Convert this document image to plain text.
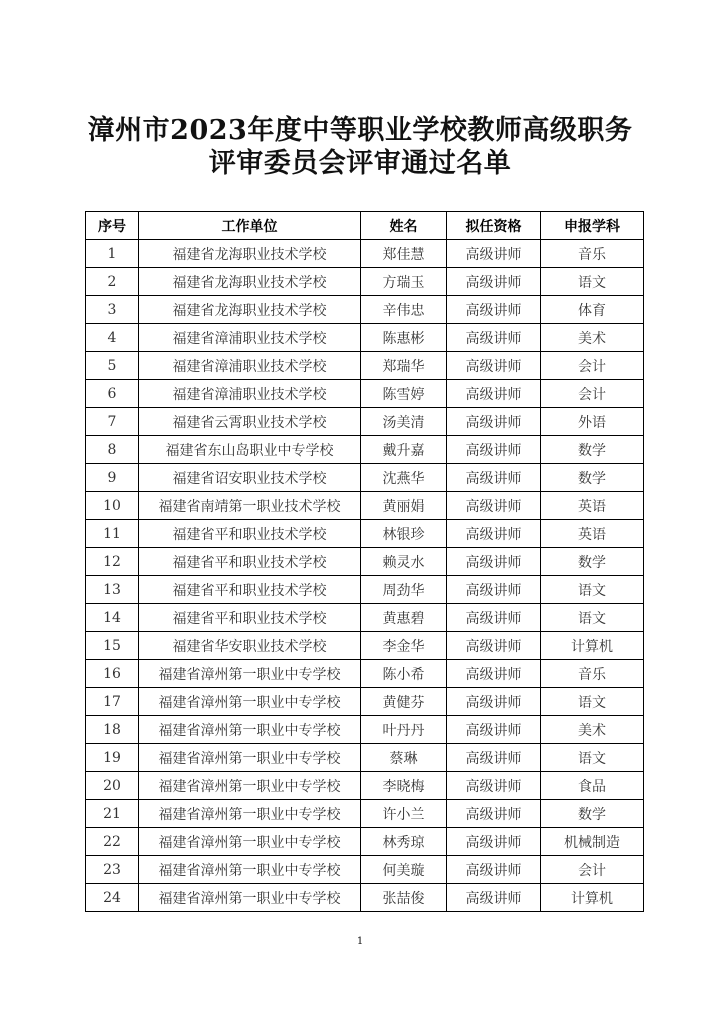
漳州市2023年度中等职业学校教师高级职务
评审委员会评审通过名单
序号	工作单位	姓名	拟任资格	申报学科
1	福建省龙海职业技术学校	郑佳慧	高级讲师	音乐
2	福建省龙海职业技术学校	方瑞玉	高级讲师	语文
3	福建省龙海职业技术学校	辛伟忠	高级讲师	体育
4	福建省漳浦职业技术学校	陈惠彬	高级讲师	美术
5	福建省漳浦职业技术学校	郑瑞华	高级讲师	会计
6	福建省漳浦职业技术学校	陈雪婷	高级讲师	会计
7	福建省云霄职业技术学校	汤美清	高级讲师	外语
8	福建省东山岛职业中专学校	戴升嘉	高级讲师	数学
9	福建省诏安职业技术学校	沈燕华	高级讲师	数学
10	福建省南靖第一职业技术学校	黄丽娟	高级讲师	英语
11	福建省平和职业技术学校	林银珍	高级讲师	英语
12	福建省平和职业技术学校	赖灵水	高级讲师	数学
13	福建省平和职业技术学校	周劲华	高级讲师	语文
14	福建省平和职业技术学校	黄惠碧	高级讲师	语文
15	福建省华安职业技术学校	李金华	高级讲师	计算机
16	福建省漳州第一职业中专学校	陈小希	高级讲师	音乐
17	福建省漳州第一职业中专学校	黄健芬	高级讲师	语文
18	福建省漳州第一职业中专学校	叶丹丹	高级讲师	美术
19	福建省漳州第一职业中专学校	蔡琳	高级讲师	语文
20	福建省漳州第一职业中专学校	李晓梅	高级讲师	食品
21	福建省漳州第一职业中专学校	许小兰	高级讲师	数学
22	福建省漳州第一职业中专学校	林秀琼	高级讲师	机械制造
23	福建省漳州第一职业中专学校	何美璇	高级讲师	会计
24	福建省漳州第一职业中专学校	张喆俊	高级讲师	计算机
1
